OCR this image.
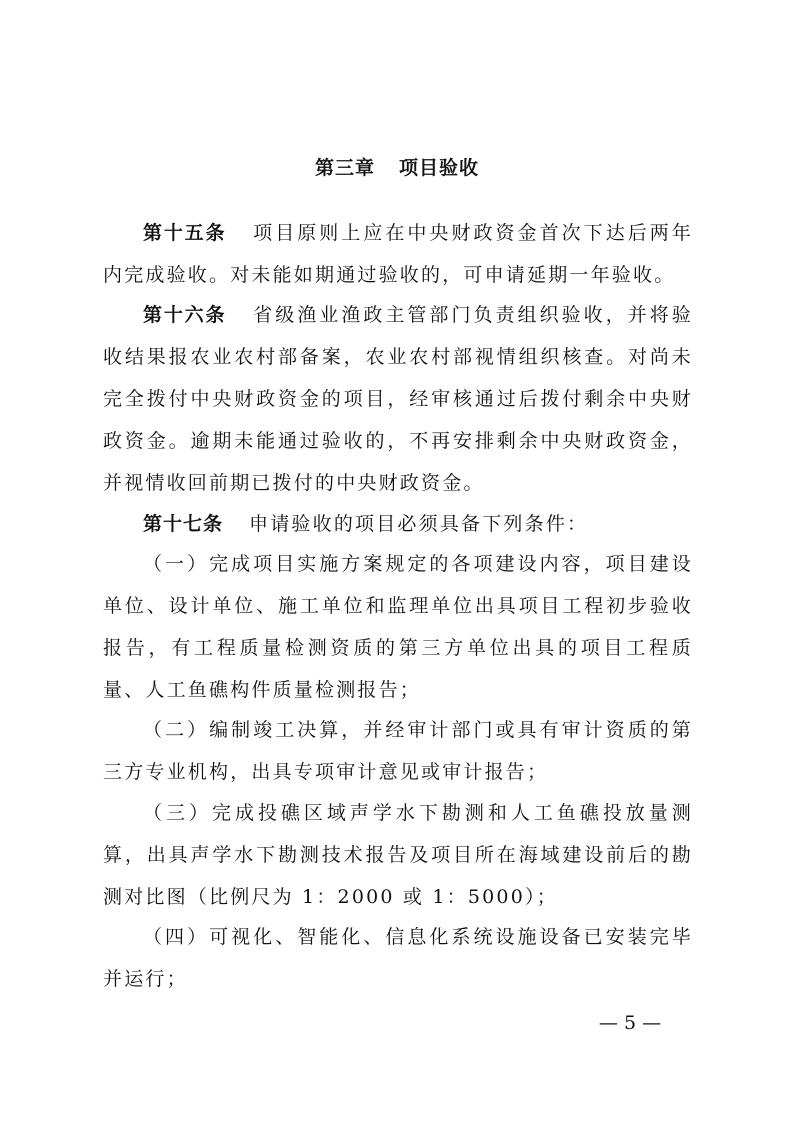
第三章 项目验收

第十五条 项目原则上应在中央财政资金首次下达后两年内完成验收。对未能如期通过验收的，可申请延期一年验收。

第十六条 省级渔业渔政主管部门负责组织验收，并将验收结果报农业农村部备案，农业农村部视情组织核查。对尚未完全拨付中央财政资金的项目，经审核通过后拨付剩余中央财政资金。逾期未能通过验收的，不再安排剩余中央财政资金，并视情收回前期已拨付的中央财政资金。

第十七条 申请验收的项目必须具备下列条件：

（一）完成项目实施方案规定的各项建设内容，项目建设单位、设计单位、施工单位和监理单位出具项目工程初步验收报告，有工程质量检测资质的第三方单位出具的项目工程质量、人工鱼礁构件质量检测报告；

（二）编制竣工决算，并经审计部门或具有审计资质的第三方专业机构，出具专项审计意见或审计报告；

（三）完成投礁区域声学水下勘测和人工鱼礁投放量测算，出具声学水下勘测技术报告及项目所在海域建设前后的勘测对比图（比例尺为 1：2000 或 1：5000）；

（四）可视化、智能化、信息化系统设施设备已安装完毕并运行；

— 5 —
